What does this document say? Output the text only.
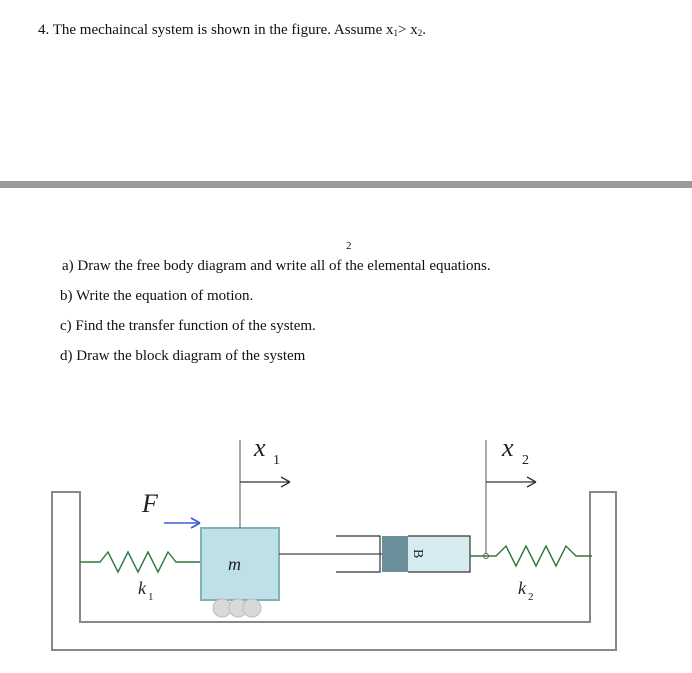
4. The mechaincal system is shown in the figure. Assume $x_1> x_2$.
2
a) Draw the free body diagram and write all of the elemental equations.
b) Write the equation of motion.
c) Find the transfer function of the system.
d) Draw the block diagram of the system
m
B
x 1	x 2
F
k 1	k 2
